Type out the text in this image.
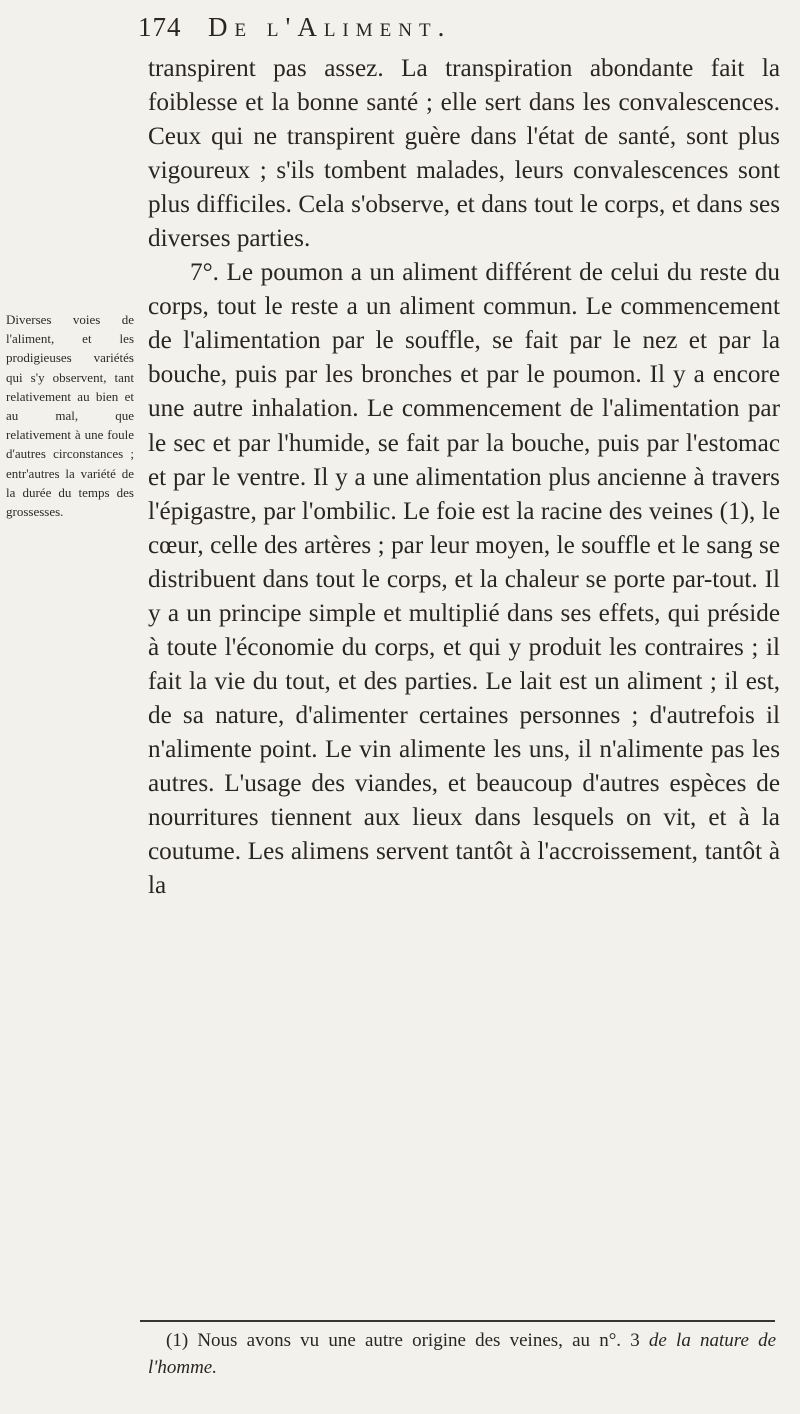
174 De l'Aliment.
Diverses voies de l'aliment, et les prodigieuses variétés qui s'y observent, tant relativement au bien et au mal, que relativement à une foule d'autres circonstances ; entr'autres la variété de la durée du temps des grossesses.

transpirent pas assez. La transpiration abondante fait la foiblesse et la bonne santé ; elle sert dans les convalescences. Ceux qui ne transpirent guère dans l'état de santé, sont plus vigoureux ; s'ils tombent malades, leurs convalescences sont plus difficiles. Cela s'observe, et dans tout le corps, et dans ses diverses parties.

7°. Le poumon a un aliment différent de celui du reste du corps, tout le reste a un aliment commun. Le commencement de l'alimentation par le souffle, se fait par le nez et par la bouche, puis par les bronches et par le poumon. Il y a encore une autre inhalation. Le commencement de l'alimentation par le sec et par l'humide, se fait par la bouche, puis par l'estomac et par le ventre. Il y a une alimentation plus ancienne à travers l'épigastre, par l'ombilic. Le foie est la racine des veines (1), le cœur, celle des artères ; par leur moyen, le souffle et le sang se distribuent dans tout le corps, et la chaleur se porte par-tout. Il y a un principe simple et multiplié dans ses effets, qui préside à toute l'économie du corps, et qui y produit les contraires ; il fait la vie du tout, et des parties. Le lait est un aliment ; il est, de sa nature, d'alimenter certaines personnes ; d'autrefois il n'alimente point. Le vin alimente les uns, il n'alimente pas les autres. L'usage des viandes, et beaucoup d'autres espèces de nourritures tiennent aux lieux dans lesquels on vit, et à la coutume. Les alimens servent tantôt à l'accroissement, tantôt à la

(1) Nous avons vu une autre origine des veines, au n°. 3 de la nature de l'homme.
